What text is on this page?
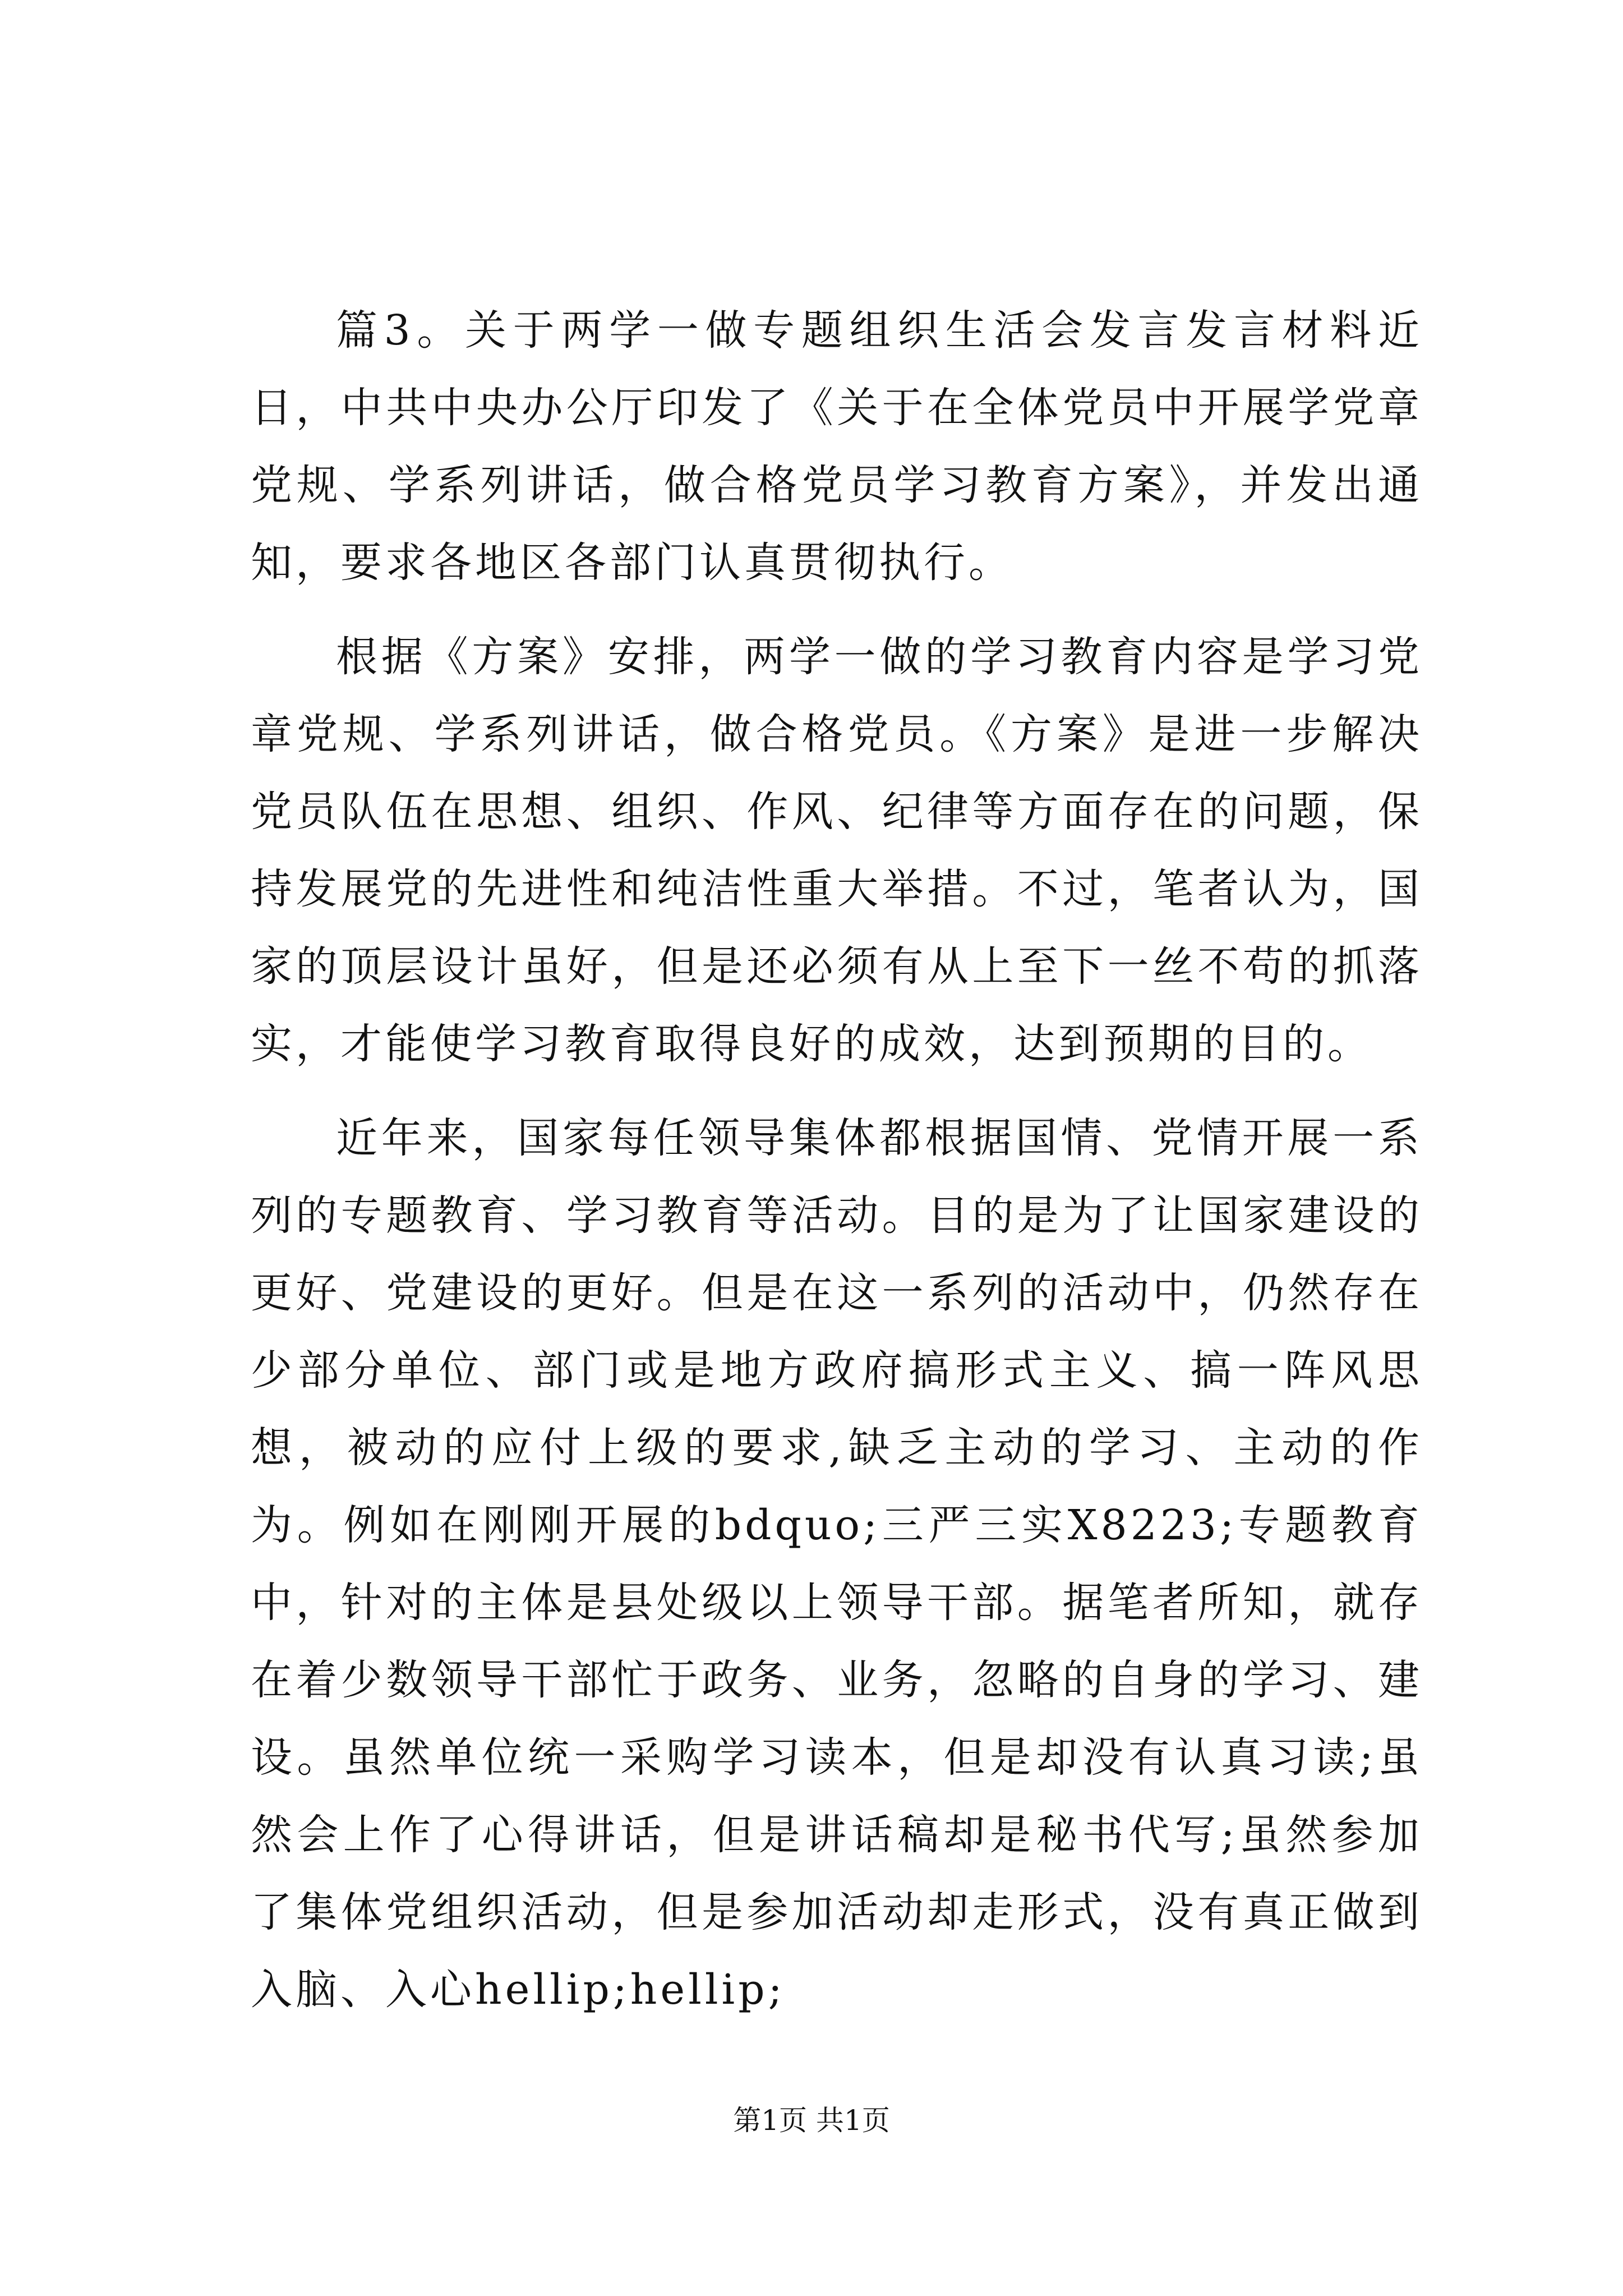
篇3。关于两学一做专题组织生活会发言发言材料近日，中共中央办公厅印发了《关于在全体党员中开展学党章党规、学系列讲话，做合格党员学习教育方案》，并发出通知，要求各地区各部门认真贯彻执行。

根据《方案》安排，两学一做的学习教育内容是学习党章党规、学系列讲话，做合格党员。《方案》是进一步解决党员队伍在思想、组织、作风、纪律等方面存在的问题，保持发展党的先进性和纯洁性重大举措。不过，笔者认为，国家的顶层设计虽好，但是还必须有从上至下一丝不苟的抓落实，才能使学习教育取得良好的成效，达到预期的目的。

近年来，国家每任领导集体都根据国情、党情开展一系列的专题教育、学习教育等活动。目的是为了让国家建设的更好、党建设的更好。但是在这一系列的活动中，仍然存在少部分单位、部门或是地方政府搞形式主义、搞一阵风思想，被动的应付上级的要求,缺乏主动的学习、主动的作为。例如在刚刚开展的bdquo;三严三实X8223;专题教育中，针对的主体是县处级以上领导干部。据笔者所知，就存在着少数领导干部忙于政务、业务，忽略的自身的学习、建设。虽然单位统一采购学习读本，但是却没有认真习读;虽然会上作了心得讲话，但是讲话稿却是秘书代写;虽然参加了集体党组织活动，但是参加活动却走形式，没有真正做到入脑、入心hellip;hellip;

第1页 共1页
